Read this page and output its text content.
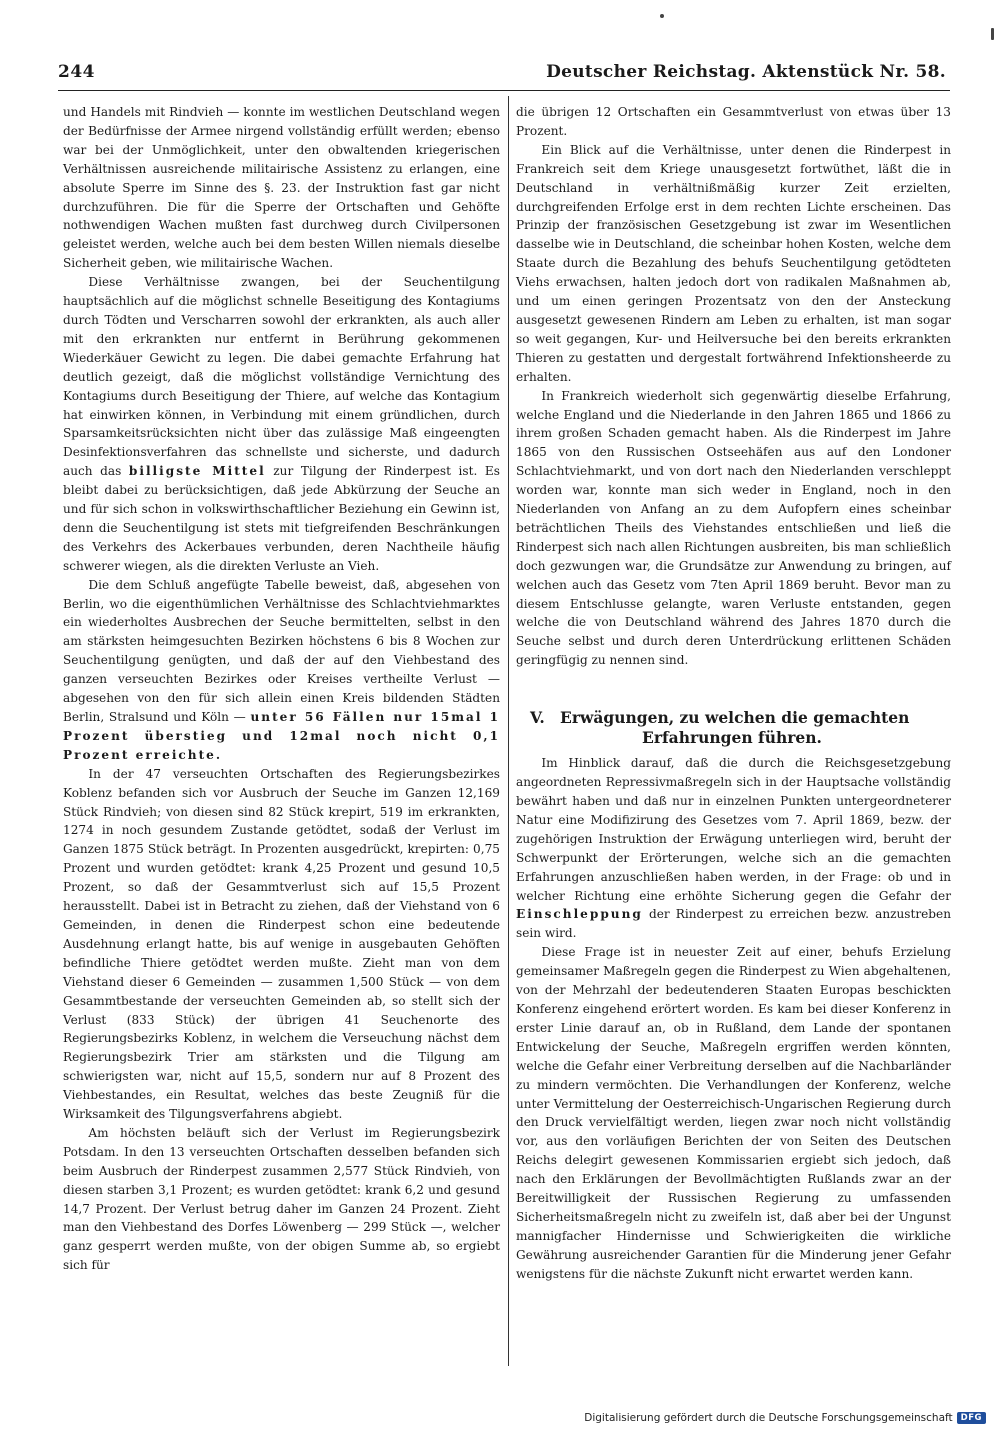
244	Deutscher Reichstag. Aktenstück Nr. 58.

und Handels mit Rindvieh — konnte im westlichen Deutschland wegen der Bedürfnisse der Armee nirgend vollständig erfüllt werden; ebenso war bei der Unmöglichkeit, unter den obwaltenden kriegerischen Verhältnissen ausreichende militairische Assistenz zu erlangen, eine absolute Sperre im Sinne des §. 23. der Instruktion fast gar nicht durchzuführen. Die für die Sperre der Ortschaften und Gehöfte nothwendigen Wachen mußten fast durchweg durch Civilpersonen geleistet werden, welche auch bei dem besten Willen niemals dieselbe Sicherheit geben, wie militairische Wachen.

Diese Verhältnisse zwangen, bei der Seuchentilgung hauptsächlich auf die möglichst schnelle Beseitigung des Kontagiums durch Tödten und Verscharren sowohl der erkrankten, als auch aller mit den erkrankten nur entfernt in Berührung gekommenen Wiederkäuer Gewicht zu legen. Die dabei gemachte Erfahrung hat deutlich gezeigt, daß die möglichst vollständige Vernichtung des Kontagiums durch Beseitigung der Thiere, auf welche das Kontagium hat einwirken können, in Verbindung mit einem gründlichen, durch Sparsamkeitsrücksichten nicht über das zulässige Maß eingeengten Desinfektionsverfahren das schnellste und sicherste, und dadurch auch das billigste Mittel zur Tilgung der Rinderpest ist. Es bleibt dabei zu berücksichtigen, daß jede Abkürzung der Seuche an und für sich schon in volkswirthschaftlicher Beziehung ein Gewinn ist, denn die Seuchentilgung ist stets mit tiefgreifenden Beschränkungen des Verkehrs des Ackerbaues verbunden, deren Nachtheile häufig schwerer wiegen, als die direkten Verluste an Vieh.

Die dem Schluß angefügte Tabelle beweist, daß, abgesehen von Berlin, wo die eigenthümlichen Verhältnisse des Schlachtviehmarktes ein wiederholtes Ausbrechen der Seuche bermittelten, selbst in den am stärksten heimgesuchten Bezirken höchstens 6 bis 8 Wochen zur Seuchentilgung genügten, und daß der auf den Viehbestand des ganzen verseuchten Bezirkes oder Kreises vertheilte Verlust — abgesehen von den für sich allein einen Kreis bildenden Städten Berlin, Stralsund und Köln — unter 56 Fällen nur 15mal 1 Prozent überstieg und 12mal noch nicht 0,1 Prozent erreichte.

In der 47 verseuchten Ortschaften des Regierungsbezirkes Koblenz befanden sich vor Ausbruch der Seuche im Ganzen 12,169 Stück Rindvieh; von diesen sind 82 Stück krepirt, 519 im erkrankten, 1274 in noch gesundem Zustande getödtet, sodaß der Verlust im Ganzen 1875 Stück beträgt. In Prozenten ausgedrückt, krepirten: 0,75 Prozent und wurden getödtet: krank 4,25 Prozent und gesund 10,5 Prozent, so daß der Gesammtverlust sich auf 15,5 Prozent herausstellt. Dabei ist in Betracht zu ziehen, daß der Viehstand von 6 Gemeinden, in denen die Rinderpest schon eine bedeutende Ausdehnung erlangt hatte, bis auf wenige in ausgebauten Gehöften befindliche Thiere getödtet werden mußte. Zieht man von dem Viehstand dieser 6 Gemeinden — zusammen 1,500 Stück — von dem Gesammtbestande der verseuchten Gemeinden ab, so stellt sich der Verlust (833 Stück) der übrigen 41 Seuchenorte des Regierungsbezirks Koblenz, in welchem die Verseuchung nächst dem Regierungsbezirk Trier am stärksten und die Tilgung am schwierigsten war, nicht auf 15,5, sondern nur auf 8 Prozent des Viehbestandes, ein Resultat, welches das beste Zeugniß für die Wirksamkeit des Tilgungsverfahrens abgiebt.

Am höchsten beläuft sich der Verlust im Regierungsbezirk Potsdam. In den 13 verseuchten Ortschaften desselben befanden sich beim Ausbruch der Rinderpest zusammen 2,577 Stück Rindvieh, von diesen starben 3,1 Prozent; es wurden getödtet: krank 6,2 und gesund 14,7 Prozent. Der Verlust betrug daher im Ganzen 24 Prozent. Zieht man den Viehbestand des Dorfes Löwenberg — 299 Stück —, welcher ganz gesperrt werden mußte, von der obigen Summe ab, so ergiebt sich für

die übrigen 12 Ortschaften ein Gesammtverlust von etwas über 13 Prozent.

Ein Blick auf die Verhältnisse, unter denen die Rinderpest in Frankreich seit dem Kriege unausgesetzt fortwüthet, läßt die in Deutschland in verhältnißmäßig kurzer Zeit erzielten, durchgreifenden Erfolge erst in dem rechten Lichte erscheinen. Das Prinzip der französischen Gesetzgebung ist zwar im Wesentlichen dasselbe wie in Deutschland, die scheinbar hohen Kosten, welche dem Staate durch die Bezahlung des behufs Seuchentilgung getödteten Viehs erwachsen, halten jedoch dort von radikalen Maßnahmen ab, und um einen geringen Prozentsatz von den der Ansteckung ausgesetzt gewesenen Rindern am Leben zu erhalten, ist man sogar so weit gegangen, Kur- und Heilversuche bei den bereits erkrankten Thieren zu gestatten und dergestalt fortwährend Infektionsheerde zu erhalten.

In Frankreich wiederholt sich gegenwärtig dieselbe Erfahrung, welche England und die Niederlande in den Jahren 1865 und 1866 zu ihrem großen Schaden gemacht haben. Als die Rinderpest im Jahre 1865 von den Russischen Ostseehäfen aus auf den Londoner Schlachtviehmarkt, und von dort nach den Niederlanden verschleppt worden war, konnte man sich weder in England, noch in den Niederlanden von Anfang an zu dem Aufopfern eines scheinbar beträchtlichen Theils des Viehstandes entschließen und ließ die Rinderpest sich nach allen Richtungen ausbreiten, bis man schließlich doch gezwungen war, die Grundsätze zur Anwendung zu bringen, auf welchen auch das Gesetz vom 7ten April 1869 beruht. Bevor man zu diesem Entschlusse gelangte, waren Verluste entstanden, gegen welche die von Deutschland während des Jahres 1870 durch die Seuche selbst und durch deren Unterdrückung erlittenen Schäden geringfügig zu nennen sind.

V. Erwägungen, zu welchen die gemachten
Erfahrungen führen.

Im Hinblick darauf, daß die durch die Reichsgesetzgebung angeordneten Repressivmaßregeln sich in der Hauptsache vollständig bewährt haben und daß nur in einzelnen Punkten untergeordneterer Natur eine Modifizirung des Gesetzes vom 7. April 1869, bezw. der zugehörigen Instruktion der Erwägung unterliegen wird, beruht der Schwerpunkt der Erörterungen, welche sich an die gemachten Erfahrungen anzuschließen haben werden, in der Frage: ob und in welcher Richtung eine erhöhte Sicherung gegen die Gefahr der Einschleppung der Rinderpest zu erreichen bezw. anzustreben sein wird.

Diese Frage ist in neuester Zeit auf einer, behufs Erzielung gemeinsamer Maßregeln gegen die Rinderpest zu Wien abgehaltenen, von der Mehrzahl der bedeutenderen Staaten Europas beschickten Konferenz eingehend erörtert worden. Es kam bei dieser Konferenz in erster Linie darauf an, ob in Rußland, dem Lande der spontanen Entwickelung der Seuche, Maßregeln ergriffen werden könnten, welche die Gefahr einer Verbreitung derselben auf die Nachbarländer zu mindern vermöchten. Die Verhandlungen der Konferenz, welche unter Vermittelung der Oesterreichisch-Ungarischen Regierung durch den Druck vervielfältigt werden, liegen zwar noch nicht vollständig vor, aus den vorläufigen Berichten der von Seiten des Deutschen Reichs delegirt gewesenen Kommissarien ergiebt sich jedoch, daß nach den Erklärungen der Bevollmächtigten Rußlands zwar an der Bereitwilligkeit der Russischen Regierung zu umfassenden Sicherheitsmaßregeln nicht zu zweifeln ist, daß aber bei der Ungunst mannigfacher Hindernisse und Schwierigkeiten die wirkliche Gewährung ausreichender Garantien für die Minderung jener Gefahr wenigstens für die nächste Zukunft nicht erwartet werden kann.

Digitalisierung gefördert durch die Deutsche Forschungsgemeinschaft DFG
